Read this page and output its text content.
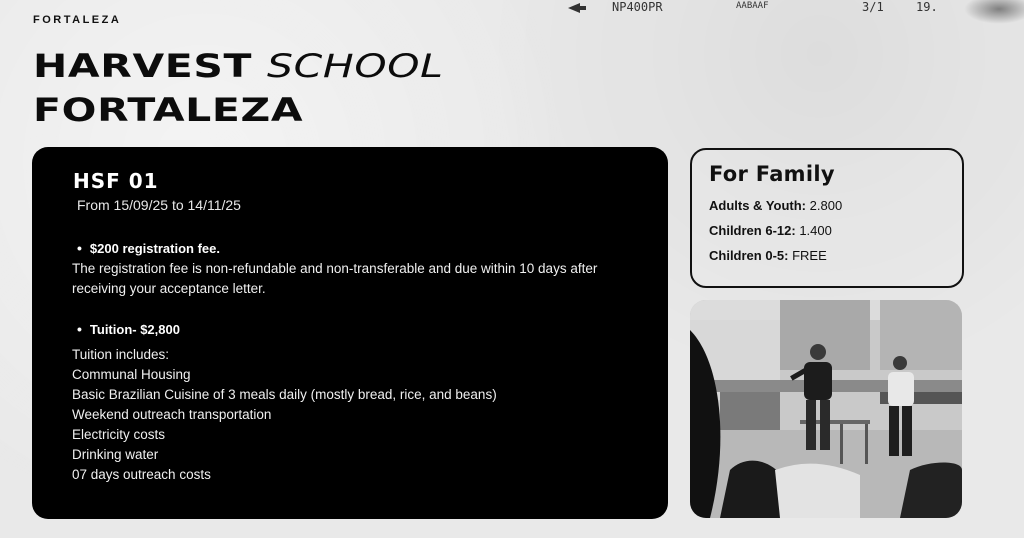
NP400PR	AABAAF	3/1	19.
FORTALEZA
HARVEST SCHOOL
FORTALEZA
HSF 01
From 15/09/25 to 14/11/25
• $200 registration fee.
The registration fee is non-refundable and non-transferable and due within 10 days after receiving your acceptance letter.
• Tuition- $2,800
Tuition includes:
Communal Housing
Basic Brazilian Cuisine of 3 meals daily (mostly bread, rice, and beans)
Weekend outreach transportation
Electricity costs
Drinking water
07 days outreach costs
For Family
Adults & Youth: 2.800
Children 6-12: 1.400
Children 0-5: FREE
